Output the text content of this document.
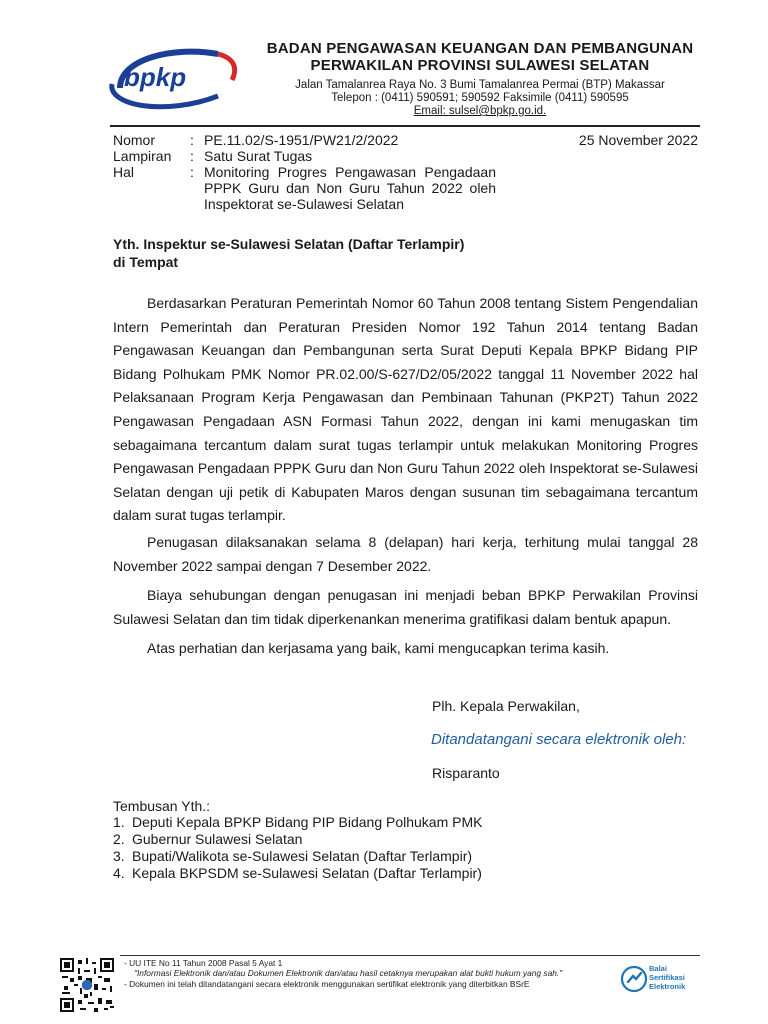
bpkp
BADAN PENGAWASAN KEUANGAN DAN PEMBANGUNAN
PERWAKILAN PROVINSI SULAWESI SELATAN
Jalan Tamalanrea Raya No. 3 Bumi Tamalanrea Permai (BTP) Makassar
Telepon : (0411) 590591; 590592 Faksimile (0411) 590595
Email: sulsel@bpkp.go.id.
Nomor : PE.11.02/S-1951/PW21/2/2022	25 November 2022
Lampiran : Satu Surat Tugas
Hal	: Monitoring Progres Pengawasan Pengadaan PPPK Guru dan Non Guru Tahun 2022 oleh Inspektorat se-Sulawesi Selatan
Yth. Inspektur se-Sulawesi Selatan (Daftar Terlampir)
di Tempat
Berdasarkan Peraturan Pemerintah Nomor 60 Tahun 2008 tentang Sistem Pengendalian Intern Pemerintah dan Peraturan Presiden Nomor 192 Tahun 2014 tentang Badan Pengawasan Keuangan dan Pembangunan serta Surat Deputi Kepala BPKP Bidang PIP Bidang Polhukam PMK Nomor PR.02.00/S-627/D2/05/2022 tanggal 11 November 2022 hal Pelaksanaan Program Kerja Pengawasan dan Pembinaan Tahunan (PKP2T) Tahun 2022 Pengawasan Pengadaan ASN Formasi Tahun 2022, dengan ini kami menugaskan tim sebagaimana tercantum dalam surat tugas terlampir untuk melakukan Monitoring Progres Pengawasan Pengadaan PPPK Guru dan Non Guru Tahun 2022 oleh Inspektorat se-Sulawesi Selatan dengan uji petik di Kabupaten Maros dengan susunan tim sebagaimana tercantum dalam surat tugas terlampir.
Penugasan dilaksanakan selama 8 (delapan) hari kerja, terhitung mulai tanggal 28 November 2022 sampai dengan 7 Desember 2022.
Biaya sehubungan dengan penugasan ini menjadi beban BPKP Perwakilan Provinsi Sulawesi Selatan dan tim tidak diperkenankan menerima gratifikasi dalam bentuk apapun.
Atas perhatian dan kerjasama yang baik, kami mengucapkan terima kasih.
Plh. Kepala Perwakilan,
Ditandatangani secara elektronik oleh:
Risparanto
Tembusan Yth.:
1. Deputi Kepala BPKP Bidang PIP Bidang Polhukam PMK
2. Gubernur Sulawesi Selatan
3. Bupati/Walikota se-Sulawesi Selatan (Daftar Terlampir)
4. Kepala BKPSDM se-Sulawesi Selatan (Daftar Terlampir)
- UU ITE No 11 Tahun 2008 Pasal 5 Ayat 1
"Informasi Elektronik dan/atau Dokumen Elektronik dan/atau hasil cetaknya merupakan alat bukti hukum yang sah."
- Dokumen ini telah ditandatangani secara elektronik menggunakan sertifikat elektronik yang diterbitkan BSrE
Balai
Sertifikasi
Elektronik
